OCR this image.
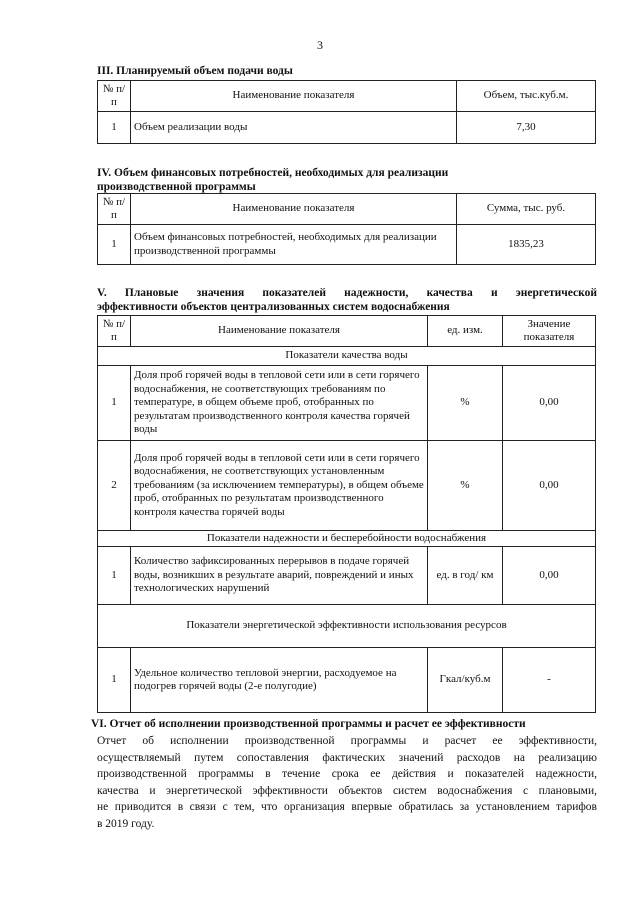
3
III. Планируемый объем подачи воды
№ п/п	Наименование показателя	Объем, тыс.куб.м.
1	Объем реализации воды	7,30
IV. Объем финансовых потребностей, необходимых для реализации
производственной программы
№ п/п	Наименование показателя	Сумма, тыс. руб.
1	Объем финансовых потребностей, необходимых для реализации производственной программы	1835,23
V. Плановые значения показателей надежности, качества и энергетической
эффективности объектов централизованных систем водоснабжения
№ п/п	Наименование показателя	ед. изм.	Значение показателя
Показатели качества воды			
1	Доля проб горячей воды в тепловой сети или в сети горячего водоснабжения, не соответствующих требованиям по температуре, в общем объеме проб, отобранных по результатам производственного контроля качества горячей воды	%	0,00
2	Доля проб горячей воды в тепловой сети или в сети горячего водоснабжения, не соответствующих установленным требованиям (за исключением температуры), в общем объеме проб, отобранных по результатам производственного контроля качества горячей воды	%	0,00
Показатели надежности и бесперебойности водоснабжения			
1	Количество зафиксированных перерывов в подаче горячей воды, возникших в результате аварий, повреждений и иных технологических нарушений	ед. в год/ км	0,00
Показатели энергетической эффективности использования ресурсов			
1	Удельное количество тепловой энергии, расходуемое на подогрев горячей воды (2-е полугодие)	Гкал/куб.м	-
VI. Отчет об исполнении производственной программы и расчет ее эффективности
Отчет об исполнении производственной программы и расчет ее эффективности,
осуществляемый путем сопоставления фактических значений расходов на реализацию
производственной программы в течение срока ее действия и показателей надежности,
качества и энергетической эффективности объектов систем водоснабжения с плановыми,
не приводится в связи с тем, что организация впервые обратилась за установлением тарифов
в 2019 году.
